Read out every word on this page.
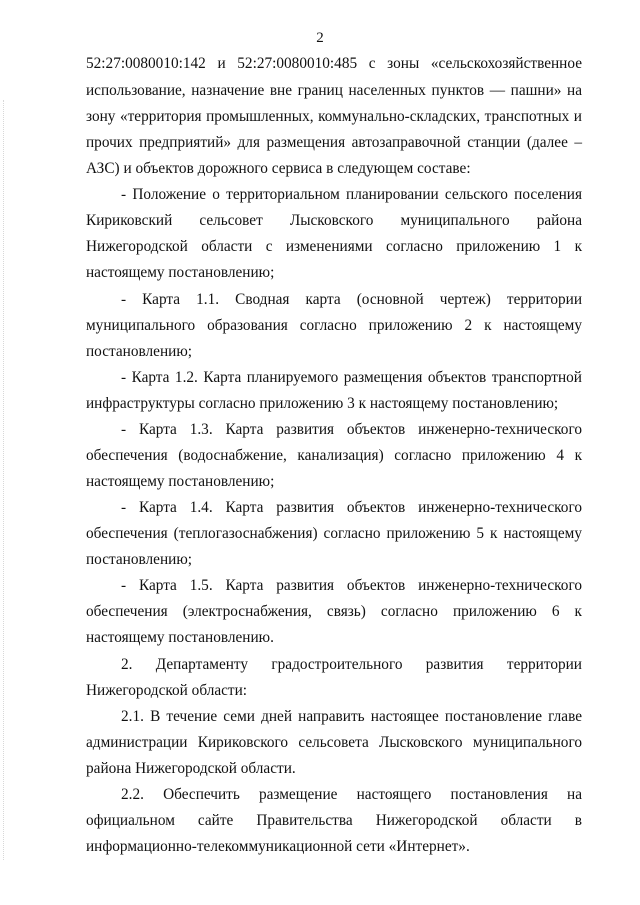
2
52:27:0080010:142 и 52:27:0080010:485 с зоны «сельскохозяйственное
использование, назначение вне границ населенных пунктов — пашни» на
зону «территория промышленных, коммунально-складских, транспотных и
прочих предприятий» для размещения автозаправочной станции (далее –
АЗС) и объектов дорожного сервиса в следующем составе:
- Положение о территориальном планировании сельского поселения
Кириковский сельсовет Лысковского муниципального района
Нижегородской области с изменениями согласно приложению 1 к
настоящему постановлению;
- Карта 1.1. Сводная карта (основной чертеж) территории
муниципального образования согласно приложению 2 к настоящему
постановлению;
- Карта 1.2. Карта планируемого размещения объектов транспортной
инфраструктуры согласно приложению 3 к настоящему постановлению;
- Карта 1.3. Карта развития объектов инженерно-технического
обеспечения (водоснабжение, канализация) согласно приложению 4 к
настоящему постановлению;
- Карта 1.4. Карта развития объектов инженерно-технического
обеспечения (теплогазоснабжения) согласно приложению 5 к настоящему
постановлению;
- Карта 1.5. Карта развития объектов инженерно-технического
обеспечения (электроснабжения, связь) согласно приложению 6 к
настоящему постановлению.
2. Департаменту градостроительного развития территории
Нижегородской области:
2.1. В течение семи дней направить настоящее постановление главе
администрации Кириковского сельсовета Лысковского муниципального
района Нижегородской области.
2.2. Обеспечить размещение настоящего постановления на
официальном сайте Правительства Нижегородской области в
информационно-телекоммуникационной сети «Интернет».
